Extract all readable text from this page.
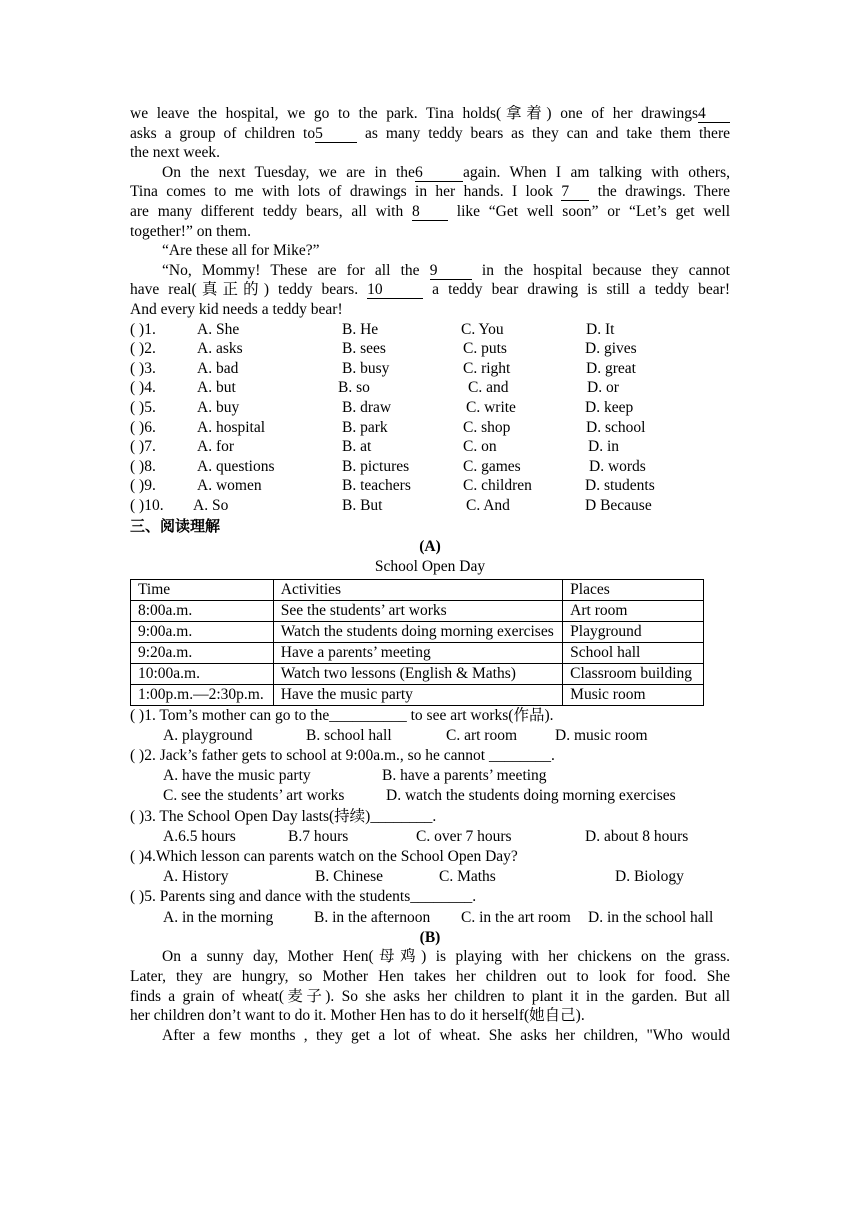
we leave the hospital, we go to the park. Tina holds(拿着) one of her drawings4
asks a group of children to5 as many teddy bears as they can and take them there
the next week.
On the next Tuesday, we are in the6	again. When I am talking with others,
Tina comes to me with lots of drawings in her hands. I look 7 the drawings. There
are many different teddy bears, all with 8 like “Get well soon” or “Let’s get well
together!” on them.
“Are these all for Mike?”
“No, Mommy! These are for all the 9 in the hospital because they cannot
have real(真正的) teddy bears. 10	a teddy bear drawing is still a teddy bear!
And every kid needs a teddy bear!
( )1.	A. She	B. He	C. You	D. It
( )2.	A. asks	B. sees	C. puts	D. gives
( )3.	A. bad	B. busy	C. right	D. great
( )4.	A. but	B. so	C. and	D. or
( )5.	A. buy	B. draw	C. write	D. keep
( )6.	A. hospital	B. park	C. shop	D. school
( )7.	A. for	B. at	C. on	D. in
( )8.	A. questions	B. pictures	C. games	D. words
( )9.	A. women	B. teachers	C. children	D. students
( )10. A. So	B. But	C. And	D Because
三、阅读理解
(A)
School Open Day
Time	Activities	Places
8:00a.m.	See the students’ art works	Art room
9:00a.m.	Watch the students doing morning exercises	Playground
9:20a.m.	Have a parents’ meeting	School hall
10:00a.m.	Watch two lessons (English & Maths)	Classroom building
1:00p.m.—2:30p.m.	Have the music party	Music room
( )1. Tom’s mother can go to the__________ to see art works(作品).
A. playground	B. school hall	C. art room D. music room
( )2. Jack’s father gets to school at 9:00a.m., so he cannot ________.
A. have the music party	B. have a parents’ meeting
C. see the students’ art works	D. watch the students doing morning exercises
( )3. The School Open Day lasts(持续)________.
A.6.5 hours	B.7 hours	C. over 7 hours	D. about 8 hours
( )4.Which lesson can parents watch on the School Open Day?
A. History	B. Chinese	C. Maths	D. Biology
( )5. Parents sing and dance with the students________.
A. in the morning	B. in the afternoon C. in the art room D. in the school hall
(B)
On a sunny day, Mother Hen(母鸡) is playing with her chickens on the grass.
Later, they are hungry, so Mother Hen takes her children out to look for food. She
finds a grain of wheat(麦子). So she asks her children to plant it in the garden. But all
her children don’t want to do it. Mother Hen has to do it herself(她自己).
After a few months , they get a lot of wheat. She asks her children, "Who would
